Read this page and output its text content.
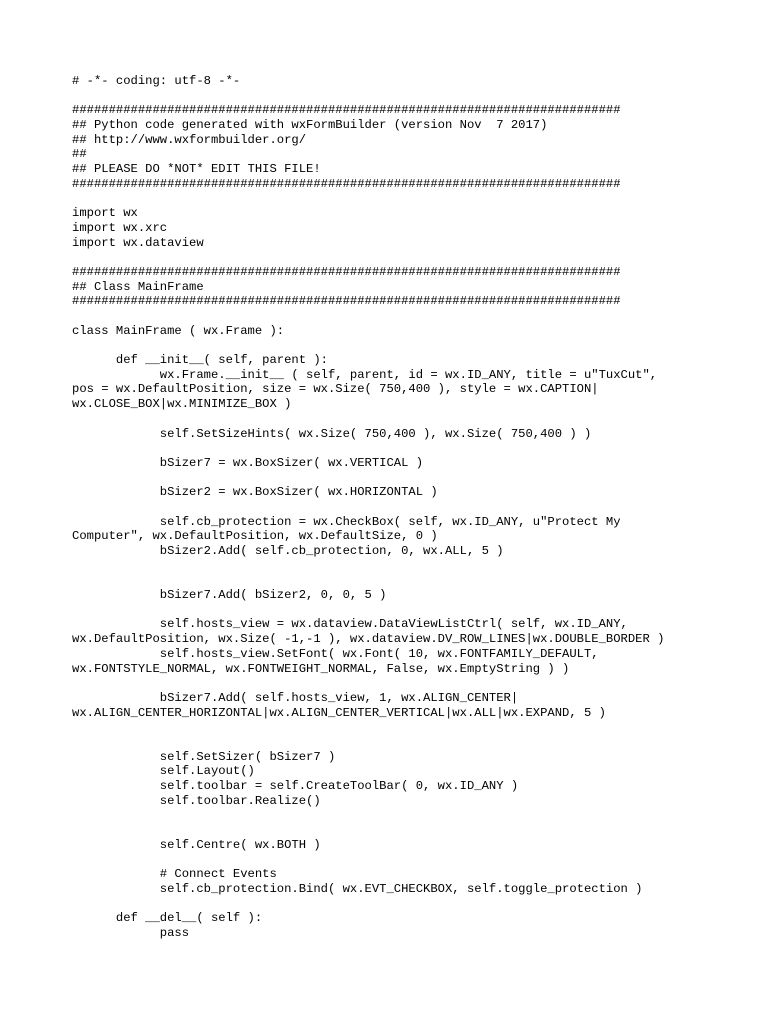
# -*- coding: utf-8 -*-
###########################################################################
## Python code generated with wxFormBuilder (version Nov  7 2017)
## http://www.wxformbuilder.org/
##
## PLEASE DO *NOT* EDIT THIS FILE!
###########################################################################
import wx
import wx.xrc
import wx.dataview
###########################################################################
## Class MainFrame
###########################################################################
class MainFrame ( wx.Frame ):
def __init__( self, parent ):
wx.Frame.__init__ ( self, parent, id = wx.ID_ANY, title = u"TuxCut",
pos = wx.DefaultPosition, size = wx.Size( 750,400 ), style = wx.CAPTION|
wx.CLOSE_BOX|wx.MINIMIZE_BOX )
self.SetSizeHints( wx.Size( 750,400 ), wx.Size( 750,400 ) )
bSizer7 = wx.BoxSizer( wx.VERTICAL )
bSizer2 = wx.BoxSizer( wx.HORIZONTAL )
self.cb_protection = wx.CheckBox( self, wx.ID_ANY, u"Protect My
Computer", wx.DefaultPosition, wx.DefaultSize, 0 )
bSizer2.Add( self.cb_protection, 0, wx.ALL, 5 )
bSizer7.Add( bSizer2, 0, 0, 5 )
self.hosts_view = wx.dataview.DataViewListCtrl( self, wx.ID_ANY,
wx.DefaultPosition, wx.Size( -1,-1 ), wx.dataview.DV_ROW_LINES|wx.DOUBLE_BORDER )
self.hosts_view.SetFont( wx.Font( 10, wx.FONTFAMILY_DEFAULT,
wx.FONTSTYLE_NORMAL, wx.FONTWEIGHT_NORMAL, False, wx.EmptyString ) )
bSizer7.Add( self.hosts_view, 1, wx.ALIGN_CENTER|
wx.ALIGN_CENTER_HORIZONTAL|wx.ALIGN_CENTER_VERTICAL|wx.ALL|wx.EXPAND, 5 )
self.SetSizer( bSizer7 )
self.Layout()
self.toolbar = self.CreateToolBar( 0, wx.ID_ANY )
self.toolbar.Realize()
self.Centre( wx.BOTH )
# Connect Events
self.cb_protection.Bind( wx.EVT_CHECKBOX, self.toggle_protection )
def __del__( self ):
pass
